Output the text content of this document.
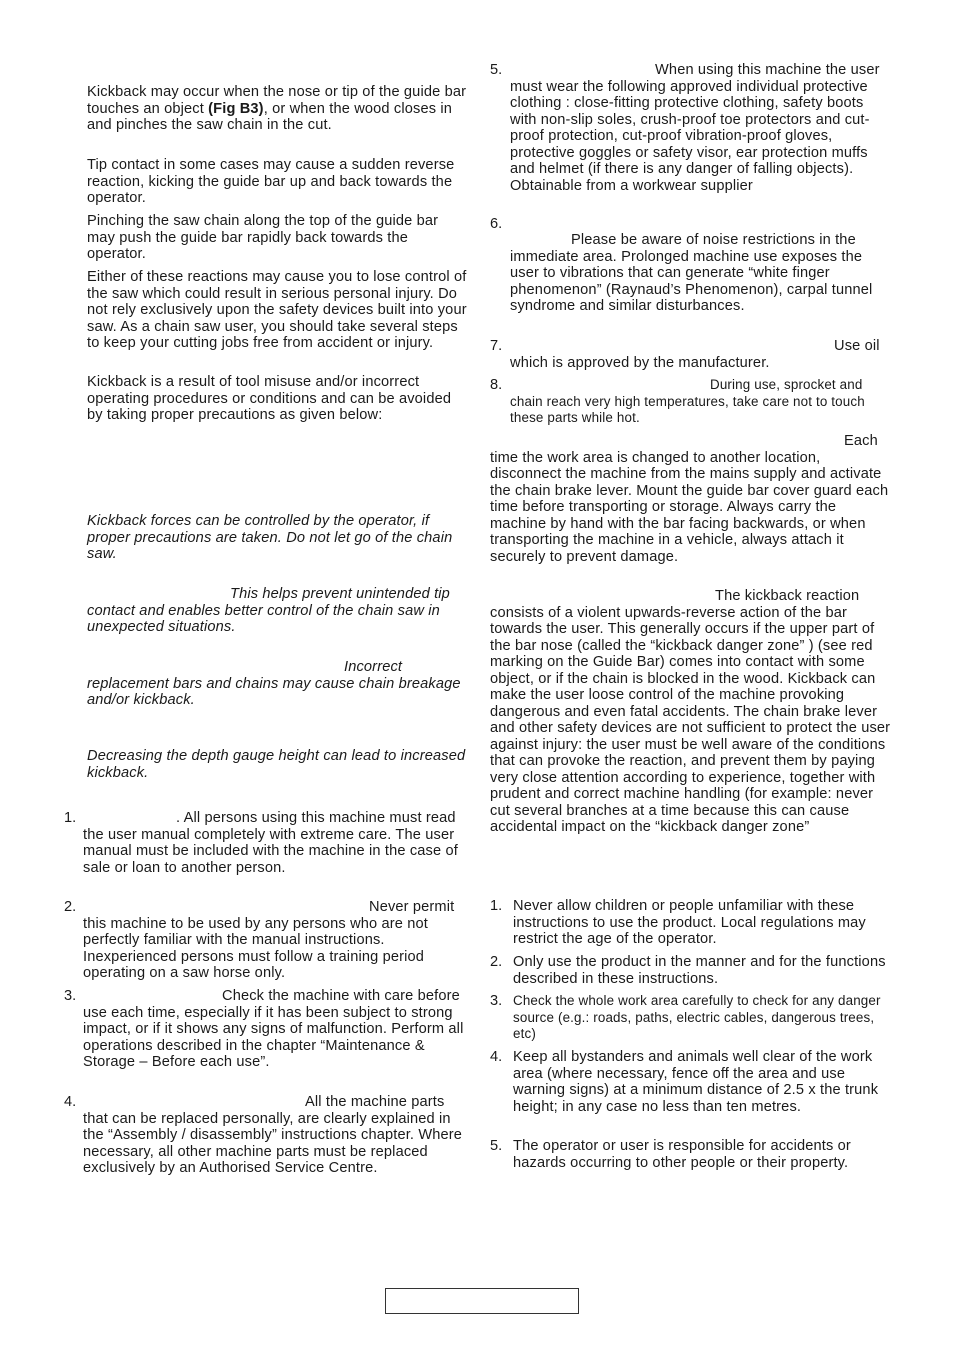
Kickback may occur when the nose or tip of the guide bar touches an object (Fig B3), or when the wood closes in and pinches the saw chain in the cut.

Tip contact in some cases may cause a sudden reverse reaction, kicking the guide bar up and back towards the operator.

Pinching the saw chain along the top of the guide bar may push the guide bar rapidly back towards the operator.

Either of these reactions may cause you to lose control of the saw which could result in serious personal injury. Do not rely exclusively upon the safety devices built into your saw. As a chain saw user, you should take several steps to keep your cutting jobs free from accident or injury.

Kickback is a result of tool misuse and/or incorrect operating procedures or conditions and can be avoided by taking proper precautions as given below:

Kickback forces can be controlled by the operator, if proper precautions are taken. Do not let go of the chain saw.

This helps prevent unintended tip contact and enables better control of the chain saw in unexpected situations.

Incorrect replacement bars and chains may cause chain breakage and/or kickback.

Decreasing the depth gauge height can lead to increased kickback.

1.	. All persons using this machine must read the user manual completely with extreme care. The user manual must be included with the machine in the case of sale or loan to another person.

2.	Never permit this machine to be used by any persons who are not perfectly familiar with the manual instructions. Inexperienced persons must follow a training period operating on a saw horse only.

3.	Check the machine with care before use each time, especially if it has been subject to strong impact, or if it shows any signs of malfunction. Perform all operations described in the chapter “Maintenance & Storage – Before each use”.

4.	All the machine parts that can be replaced personally, are clearly explained in the “Assembly / disassembly” instructions chapter. Where necessary, all other machine parts must be replaced exclusively by an Authorised Service Centre.

5.	When using this machine the user must wear the following approved individual protective clothing : close-fitting protective clothing, safety boots with non-slip soles, crush-proof toe protectors and cut-proof protection, cut-proof vibration-proof gloves, protective goggles or safety visor, ear protection muffs and helmet (if there is any danger of falling objects). Obtainable from a workwear supplier

6.

Please be aware of noise restrictions in the immediate area. Prolonged machine use exposes the user to vibrations that can generate “white finger phenomenon” (Raynaud’s Phenomenon), carpal tunnel syndrome and similar disturbances.

7.	Use oil which is approved by the manufacturer.

8.	During use, sprocket and chain reach very high temperatures, take care not to touch these parts while hot.

Each time the work area is changed to another location, disconnect the machine from the mains supply and activate the chain brake lever. Mount the guide bar cover guard each time before transporting or storage. Always carry the machine by hand with the bar facing backwards, or when transporting the machine in a vehicle, always attach it securely to prevent damage.

The kickback reaction consists of a violent upwards-reverse action of the bar towards the user. This generally occurs if the upper part of the bar nose (called the “kickback danger zone” ) (see red marking on the Guide Bar) comes into contact with some object, or if the chain is blocked in the wood. Kickback can make the user loose control of the machine provoking dangerous and even fatal accidents. The chain brake lever and other safety devices are not sufficient to protect the user against injury: the user must be well aware of the conditions that can provoke the reaction, and prevent them by paying very close attention according to experience, together with prudent and correct machine handling (for example: never cut several branches at a time because this can cause accidental impact on the “kickback danger zone”

1. Never allow children or people unfamiliar with these instructions to use the product. Local regulations may restrict the age of the operator.

2. Only use the product in the manner and for the functions described in these instructions.

3. Check the whole work area carefully to check for any danger source (e.g.: roads, paths, electric cables, dangerous trees, etc)

4. Keep all bystanders and animals well clear of the work area (where necessary, fence off the area and use warning signs) at a minimum distance of 2.5 x the trunk height; in any case no less than ten metres.

5. The operator or user is responsible for accidents or hazards occurring to other people or their property.
